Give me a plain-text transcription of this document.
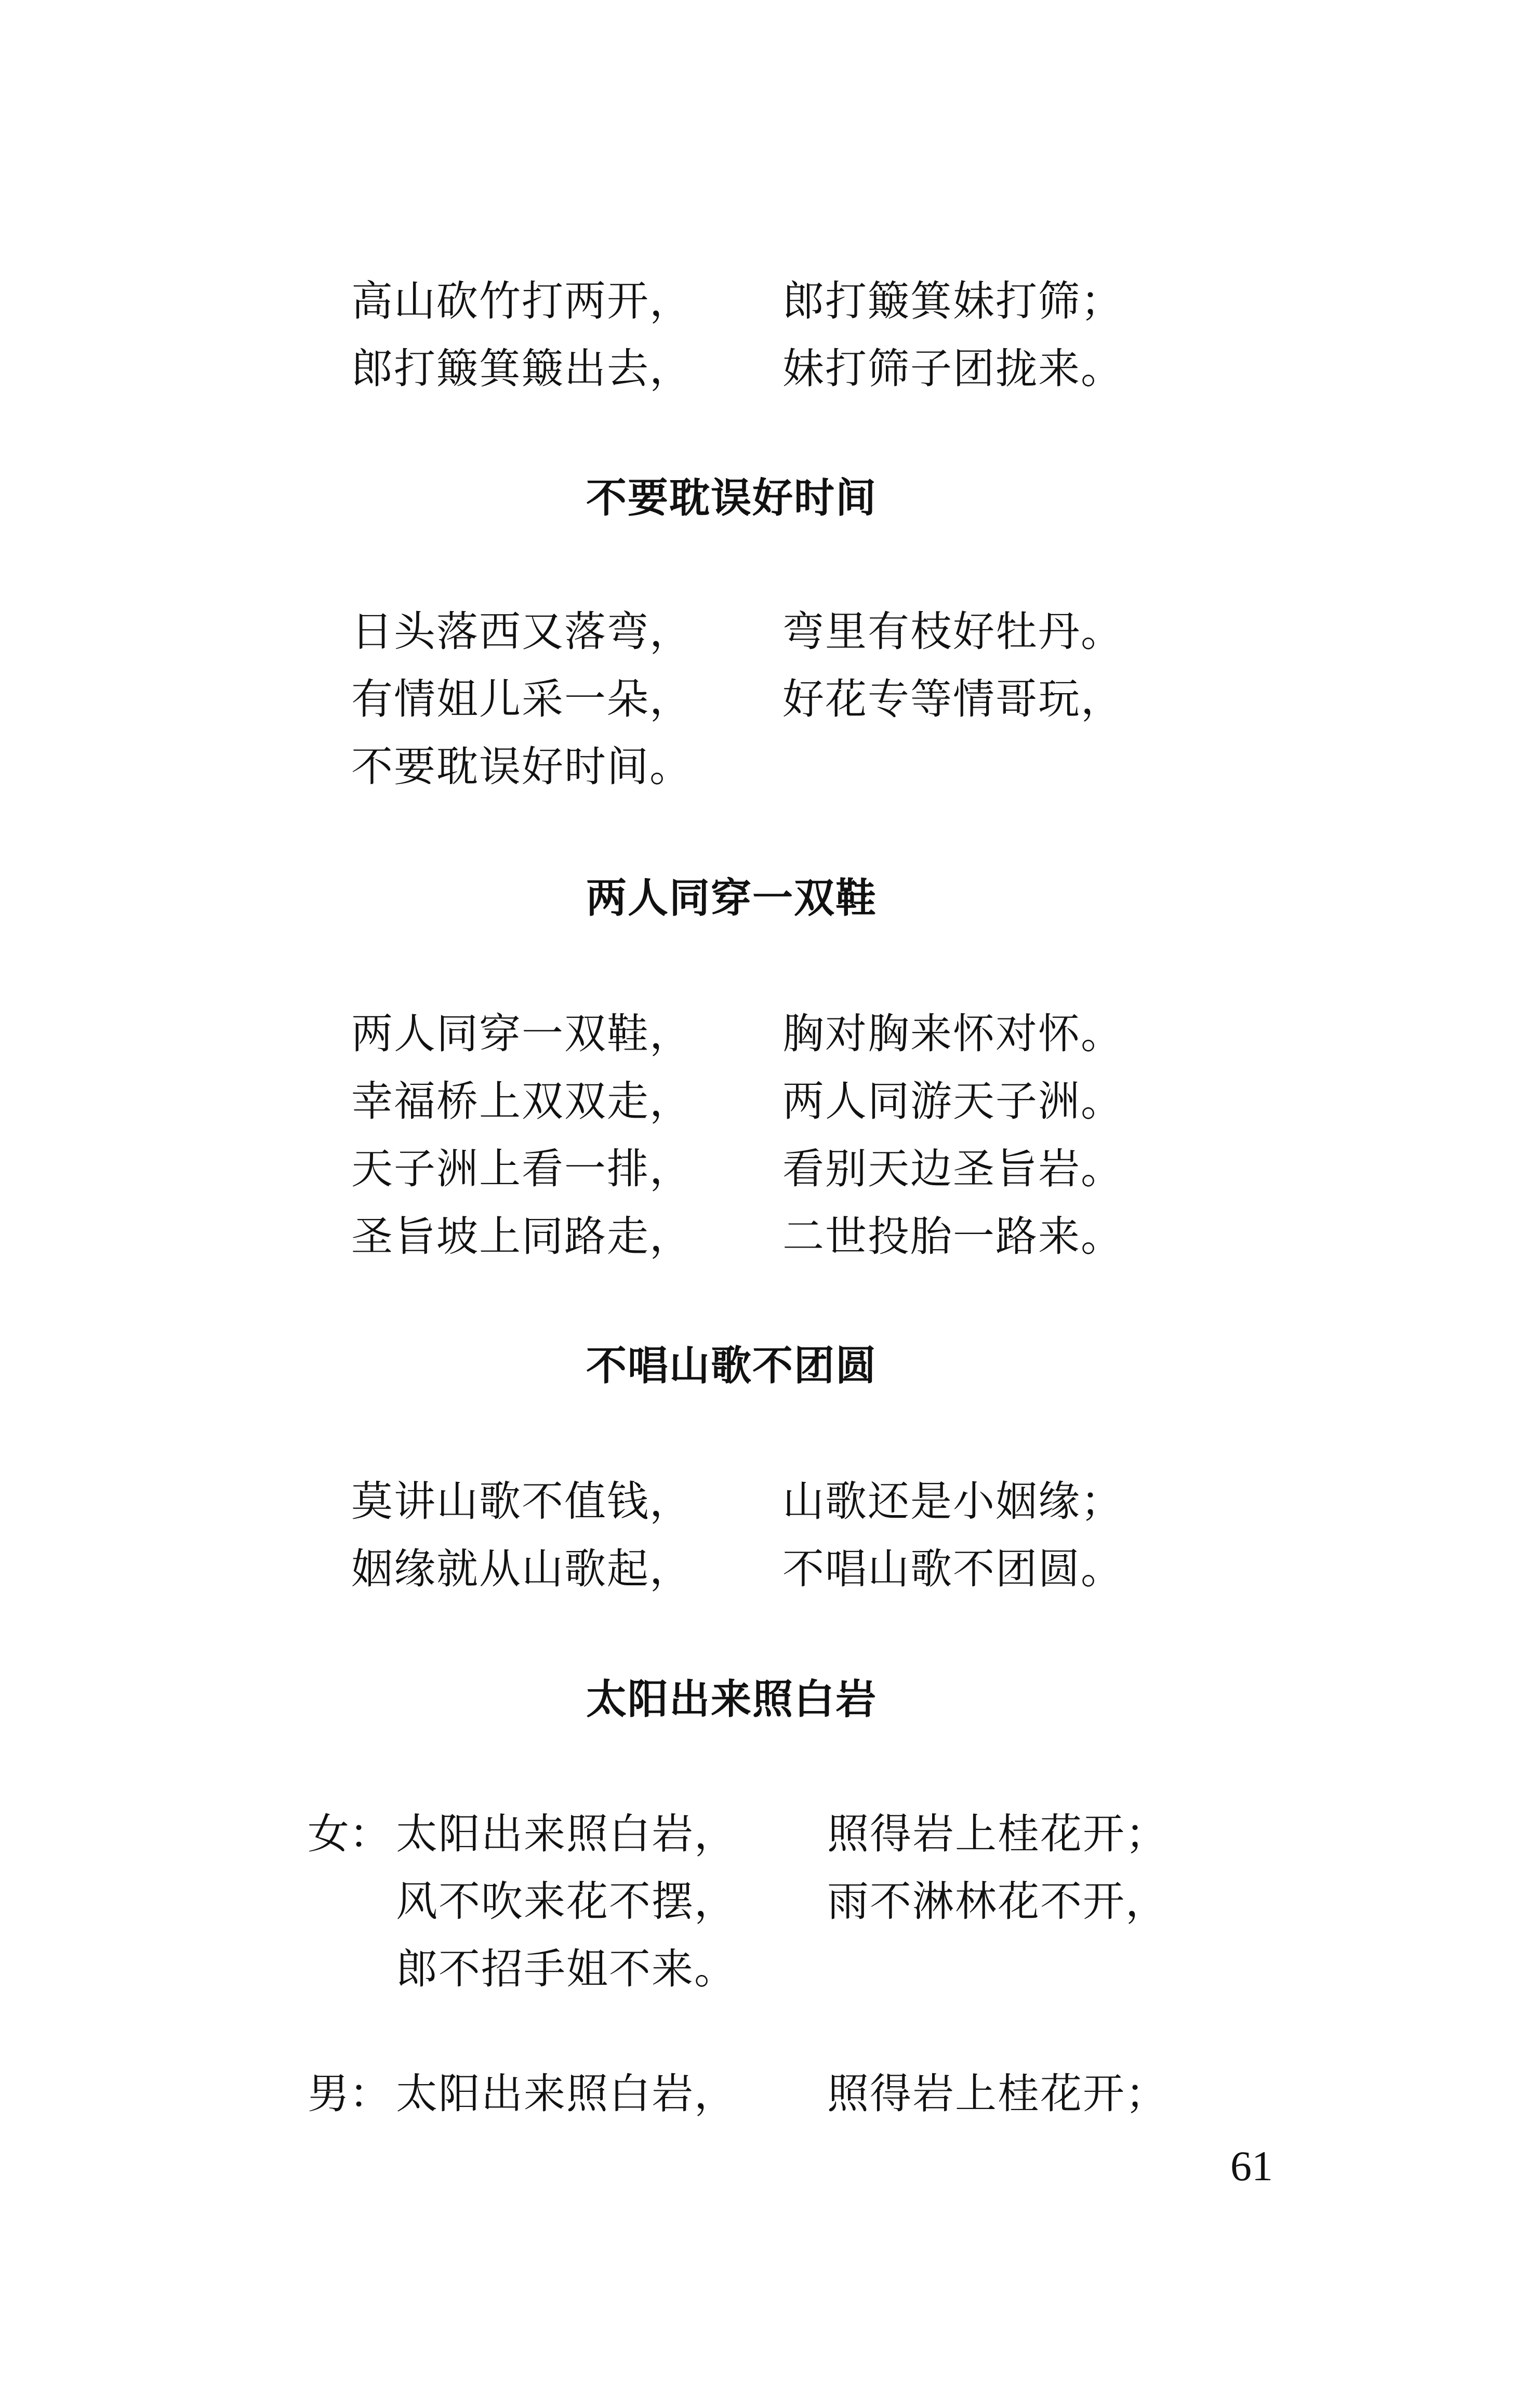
高山砍竹打两开， 郎打簸箕妹打筛；
郎打簸箕簸出去， 妹打筛子团拢来。
不要耽误好时间
日头落西又落弯， 弯里有枝好牡丹。
有情姐儿采一朵， 好花专等情哥玩，
不要耽误好时间。
两人同穿一双鞋
两人同穿一双鞋， 胸对胸来怀对怀。
幸福桥上双双走， 两人同游天子洲。
天子洲上看一排， 看别天边圣旨岩。
圣旨坡上同路走， 二世投胎一路来。
不唱山歌不团圆
莫讲山歌不值钱， 山歌还是小姻缘；
姻缘就从山歌起， 不唱山歌不团圆。
太阳出来照白岩
女： 太阳出来照白岩， 照得岩上桂花开；
风不吹来花不摆， 雨不淋林花不开，
郎不招手姐不来。
男： 太阳出来照白岩， 照得岩上桂花开；
61
